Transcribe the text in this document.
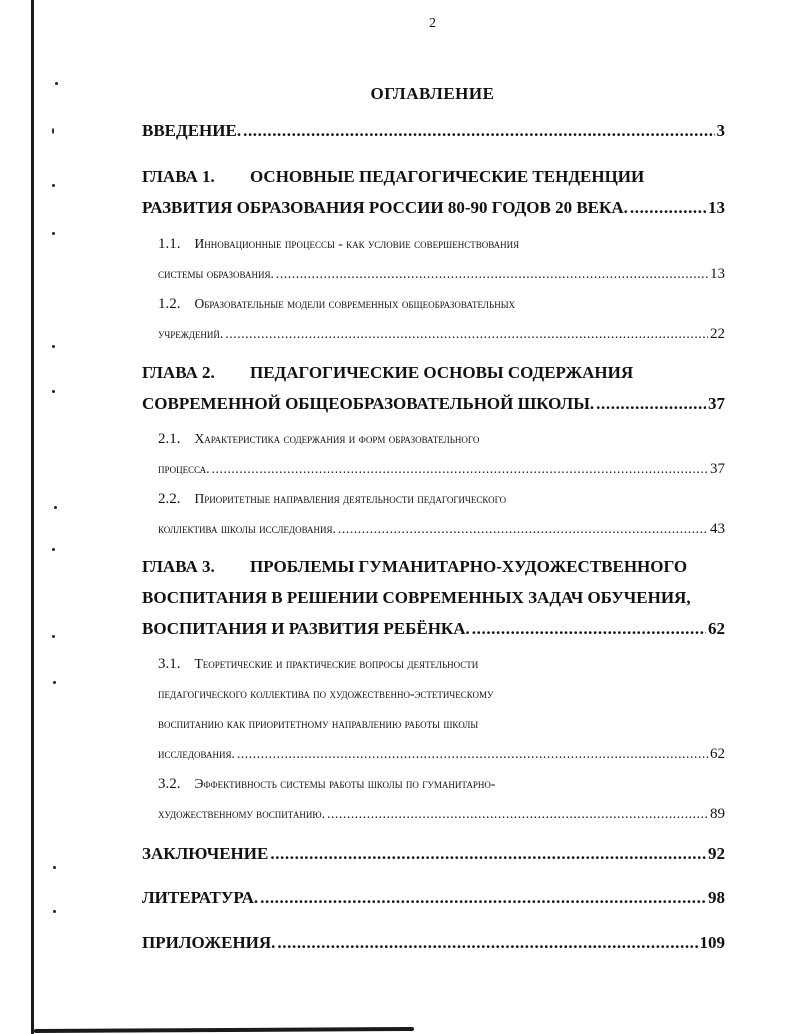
2
ОГЛАВЛЕНИЕ
ВВЕДЕНИЕ. .....	3
ГЛАВА 1. ОСНОВНЫЕ ПЕДАГОГИЧЕСКИЕ ТЕНДЕНЦИИ
РАЗВИТИЯ ОБРАЗОВАНИЯ РОССИИ 80-90 ГОДОВ 20 ВЕКА. .....	13
1.1. Инновационные процессы - как условие совершенствования
системы образования. .....	13
1.2. Образовательные модели современных общеобразовательных
учреждений. .....	22
ГЛАВА 2. ПЕДАГОГИЧЕСКИЕ ОСНОВЫ СОДЕРЖАНИЯ
СОВРЕМЕННОЙ ОБЩЕОБРАЗОВАТЕЛЬНОЙ ШКОЛЫ. .....	37
2.1. Характеристика содержания и форм образовательного
процесса. .....	37
2.2. Приоритетные направления деятельности педагогического
коллектива школы исследования. .....	43
ГЛАВА 3. ПРОБЛЕМЫ ГУМАНИТАРНО-ХУДОЖЕСТВЕННОГО
ВОСПИТАНИЯ В РЕШЕНИИ СОВРЕМЕННЫХ ЗАДАЧ ОБУЧЕНИЯ,
ВОСПИТАНИЯ И РАЗВИТИЯ РЕБЁНКА. .....	62
3.1. Теоретические и практические вопросы деятельности
педагогического коллектива по художественно-эстетическому
воспитанию как приоритетному направлению работы школы
исследования. .....	62
3.2. Эффективность системы работы школы по гуманитарно-
художественному воспитанию. .....	89
ЗАКЛЮЧЕНИЕ .....	92
ЛИТЕРАТУРА. .....	98
ПРИЛОЖЕНИЯ. .....	109
